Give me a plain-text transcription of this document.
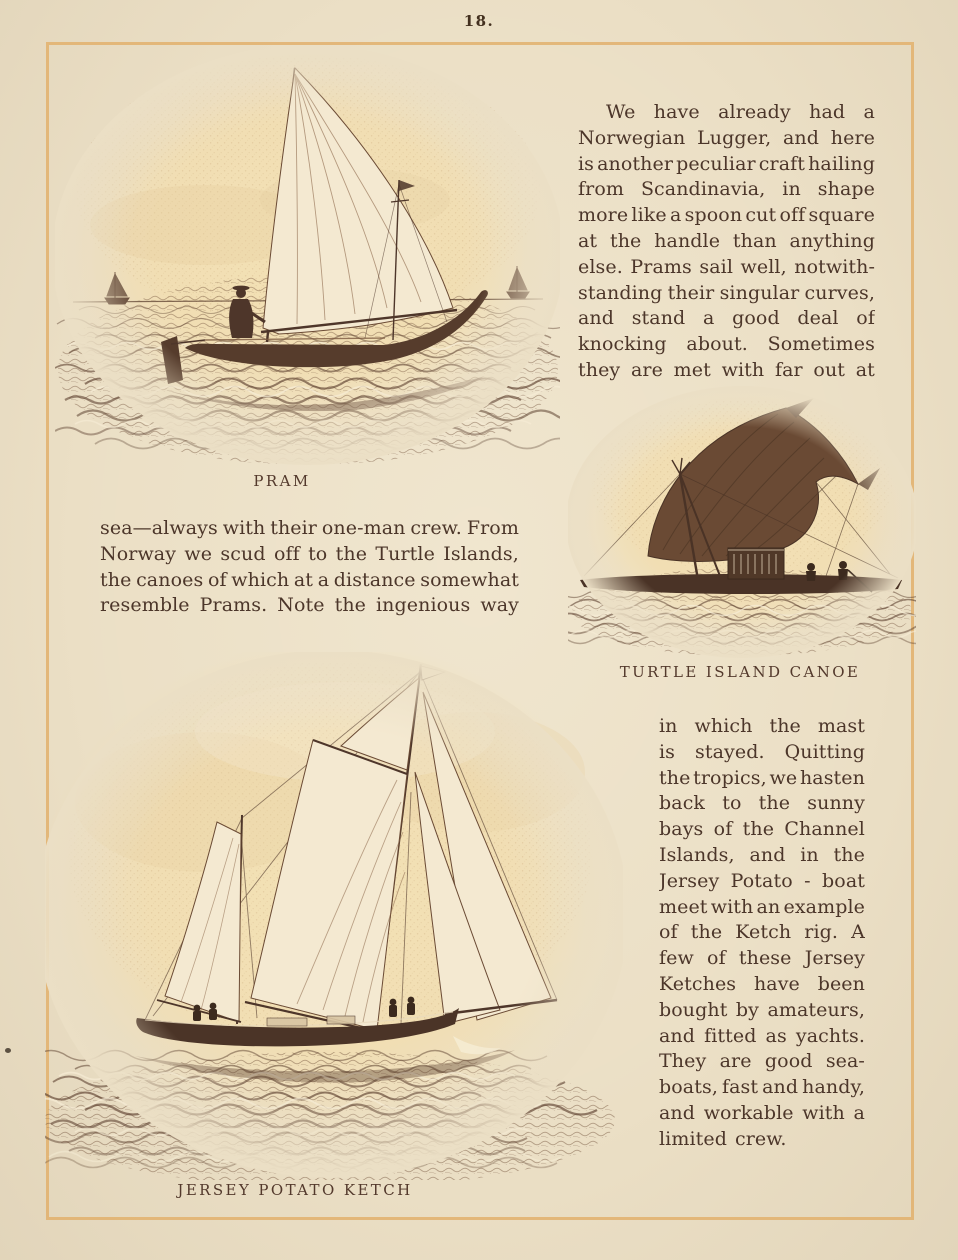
18.
PRAM
We have already had a
Norwegian Lugger, and here
is another peculiar craft hailing
from Scandinavia, in shape
more like a spoon cut off square
at the handle than anything
else. Prams sail well, notwith-
standing their singular curves,
and stand a good deal of
knocking about. Sometimes
they are met with far out at
sea—always with their one-man crew. From
Norway we scud off to the Turtle Islands,
the canoes of which at a distance somewhat
resemble Prams. Note the ingenious way
TURTLE ISLAND CANOE
in which the mast
is stayed. Quitting
the tropics, we hasten
back to the sunny
bays of the Channel
Islands, and in the
Jersey Potato - boat
meet with an example
of the Ketch rig. A
few of these Jersey
Ketches have been
bought by amateurs,
and fitted as yachts.
They are good sea-
boats, fast and handy,
and workable with a
limited crew.
JERSEY POTATO KETCH
